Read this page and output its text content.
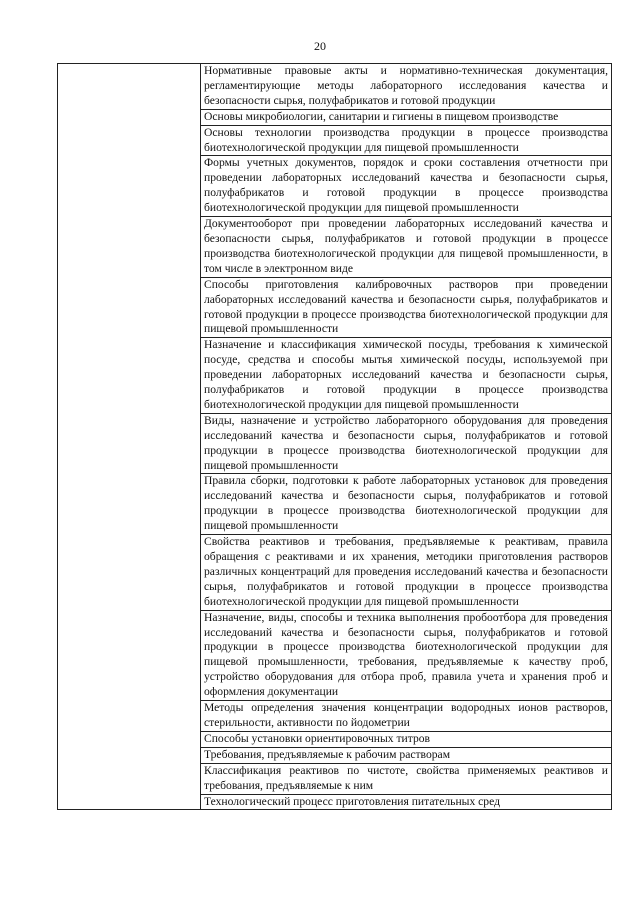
20

Нормативные правовые акты и нормативно-техническая документация, регламентирующие методы лабораторного исследования качества и безопасности сырья, полуфабрикатов и готовой продукции

Основы микробиологии, санитарии и гигиены в пищевом производстве

Основы технологии производства продукции в процессе производства биотехнологической продукции для пищевой промышленности

Формы учетных документов, порядок и сроки составления отчетности при проведении лабораторных исследований качества и безопасности сырья, полуфабрикатов и готовой продукции в процессе производства биотехнологической продукции для пищевой промышленности

Документооборот при проведении лабораторных исследований качества и безопасности сырья, полуфабрикатов и готовой продукции в процессе производства биотехнологической продукции для пищевой промышленности, в том числе в электронном виде

Способы приготовления калибровочных растворов при проведении лабораторных исследований качества и безопасности сырья, полуфабрикатов и готовой продукции в процессе производства биотехнологической продукции для пищевой промышленности

Назначение и классификация химической посуды, требования к химической посуде, средства и способы мытья химической посуды, используемой при проведении лабораторных исследований качества и безопасности сырья, полуфабрикатов и готовой продукции в процессе производства биотехнологической продукции для пищевой промышленности

Виды, назначение и устройство лабораторного оборудования для проведения исследований качества и безопасности сырья, полуфабрикатов и готовой продукции в процессе производства биотехнологической продукции для пищевой промышленности

Правила сборки, подготовки к работе лабораторных установок для проведения исследований качества и безопасности сырья, полуфабрикатов и готовой продукции в процессе производства биотехнологической продукции для пищевой промышленности

Свойства реактивов и требования, предъявляемые к реактивам, правила обращения с реактивами и их хранения, методики приготовления растворов различных концентраций для проведения исследований качества и безопасности сырья, полуфабрикатов и готовой продукции в процессе производства биотехнологической продукции для пищевой промышленности

Назначение, виды, способы и техника выполнения пробоотбора для проведения исследований качества и безопасности сырья, полуфабрикатов и готовой продукции в процессе производства биотехнологической продукции для пищевой промышленности, требования, предъявляемые к качеству проб, устройство оборудования для отбора проб, правила учета и хранения проб и оформления документации

Методы определения значения концентрации водородных ионов растворов, стерильности, активности по йодометрии

Способы установки ориентировочных титров

Требования, предъявляемые к рабочим растворам

Классификация реактивов по чистоте, свойства применяемых реактивов и требования, предъявляемые к ним

Технологический процесс приготовления питательных сред
